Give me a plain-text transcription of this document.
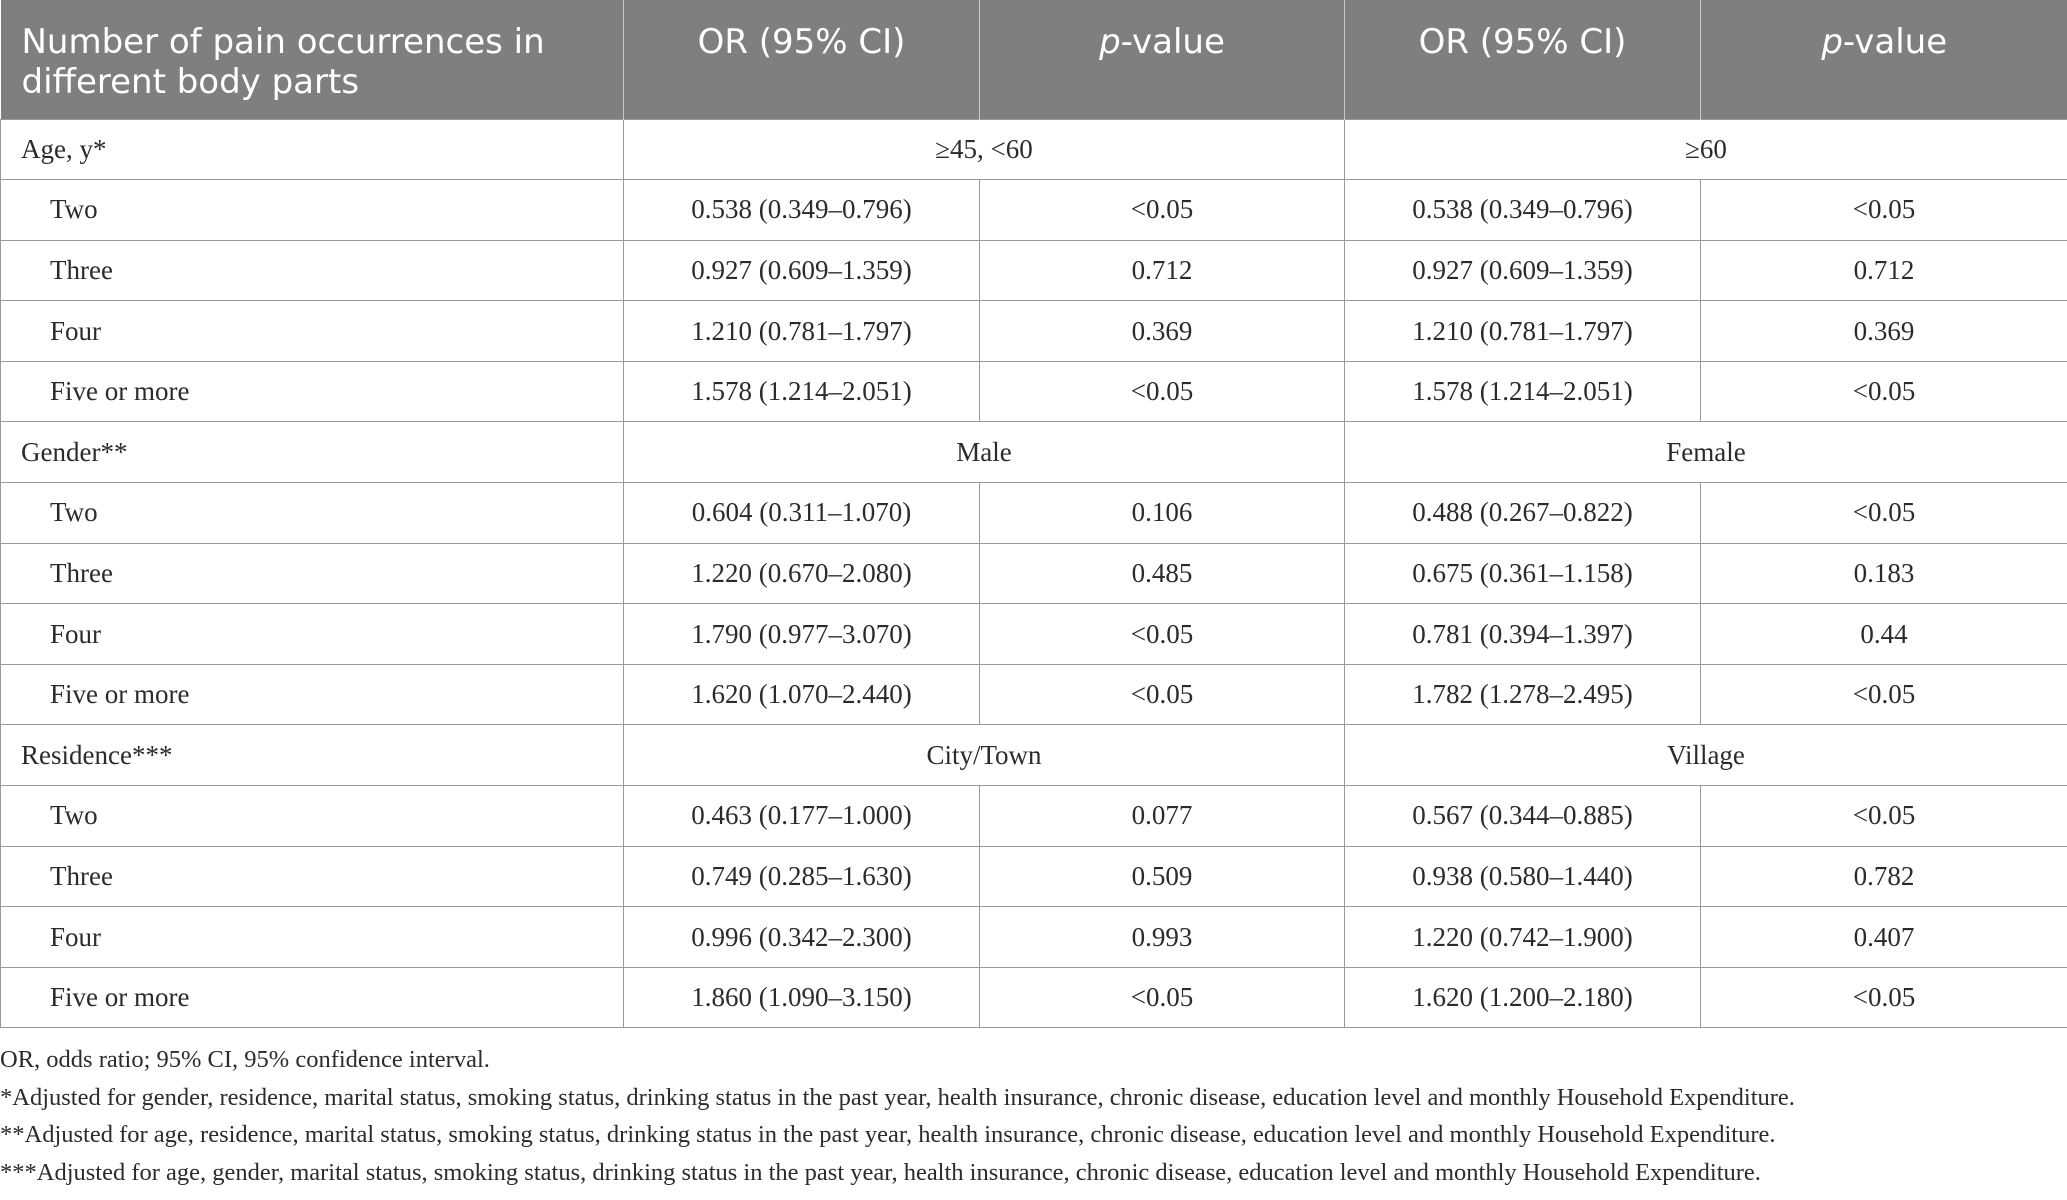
Number of pain occurrences in different body parts	OR (95% CI)	p-value	OR (95% CI)	p-value
Age, y*	≥45, <60		≥60	
Two	0.538 (0.349–0.796)	<0.05	0.538 (0.349–0.796)	<0.05
Three	0.927 (0.609–1.359)	0.712	0.927 (0.609–1.359)	0.712
Four	1.210 (0.781–1.797)	0.369	1.210 (0.781–1.797)	0.369
Five or more	1.578 (1.214–2.051)	<0.05	1.578 (1.214–2.051)	<0.05
Gender**	Male		Female	
Two	0.604 (0.311–1.070)	0.106	0.488 (0.267–0.822)	<0.05
Three	1.220 (0.670–2.080)	0.485	0.675 (0.361–1.158)	0.183
Four	1.790 (0.977–3.070)	<0.05	0.781 (0.394–1.397)	0.44
Five or more	1.620 (1.070–2.440)	<0.05	1.782 (1.278–2.495)	<0.05
Residence***	City/Town		Village	
Two	0.463 (0.177–1.000)	0.077	0.567 (0.344–0.885)	<0.05
Three	0.749 (0.285–1.630)	0.509	0.938 (0.580–1.440)	0.782
Four	0.996 (0.342–2.300)	0.993	1.220 (0.742–1.900)	0.407
Five or more	1.860 (1.090–3.150)	<0.05	1.620 (1.200–2.180)	<0.05
OR, odds ratio; 95% CI, 95% confidence interval.
*Adjusted for gender, residence, marital status, smoking status, drinking status in the past year, health insurance, chronic disease, education level and monthly Household Expenditure.
**Adjusted for age, residence, marital status, smoking status, drinking status in the past year, health insurance, chronic disease, education level and monthly Household Expenditure.
***Adjusted for age, gender, marital status, smoking status, drinking status in the past year, health insurance, chronic disease, education level and monthly Household Expenditure.
